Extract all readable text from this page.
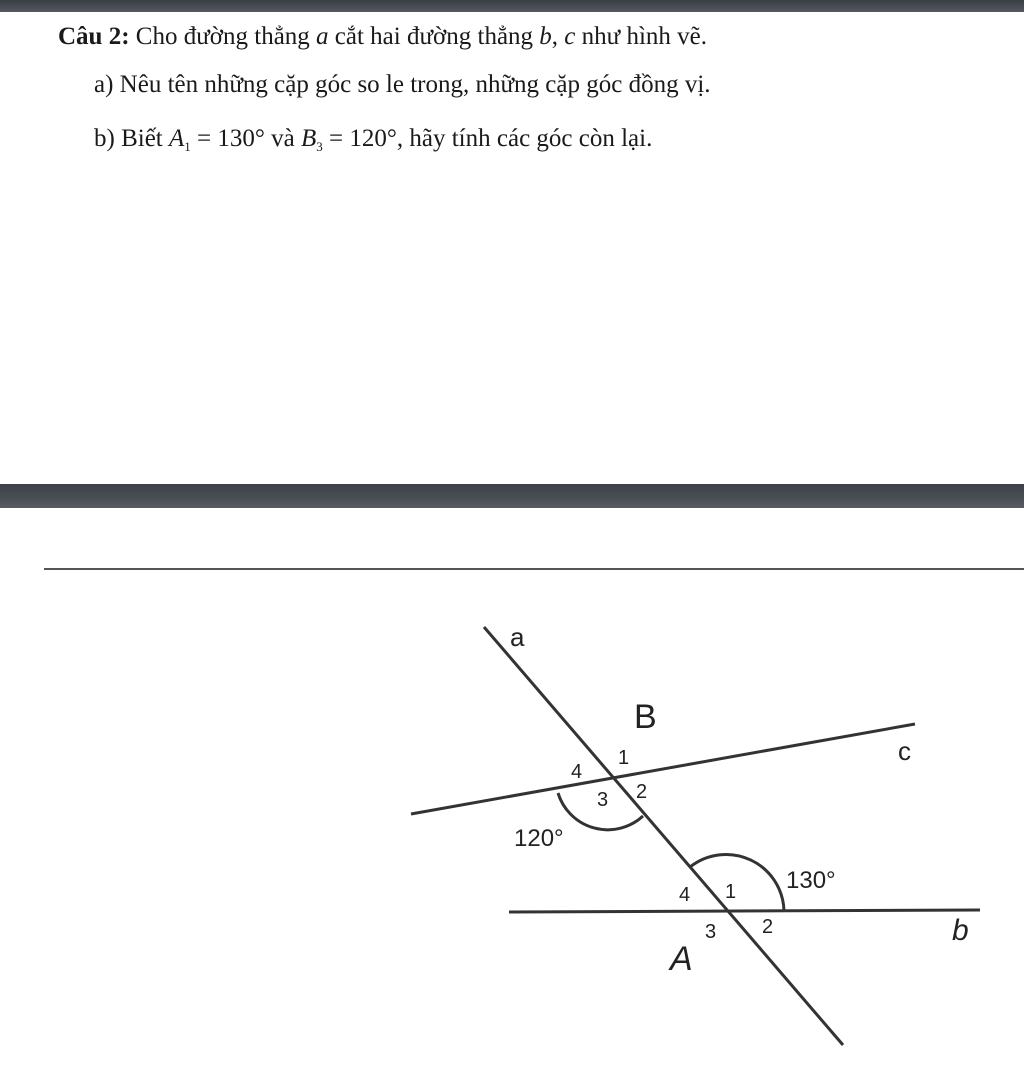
Câu 2: Cho đường thẳng a cắt hai đường thẳng b, c như hình vẽ.
a) Nêu tên những cặp góc so le trong, những cặp góc đồng vị.
b) Biết $A_1 = 130^\circ$ và $B_3 = 120^\circ$, hãy tính các góc còn lại.
a
c
b
B
A
1
2
3
4
1
2
3
4
120°
130°
